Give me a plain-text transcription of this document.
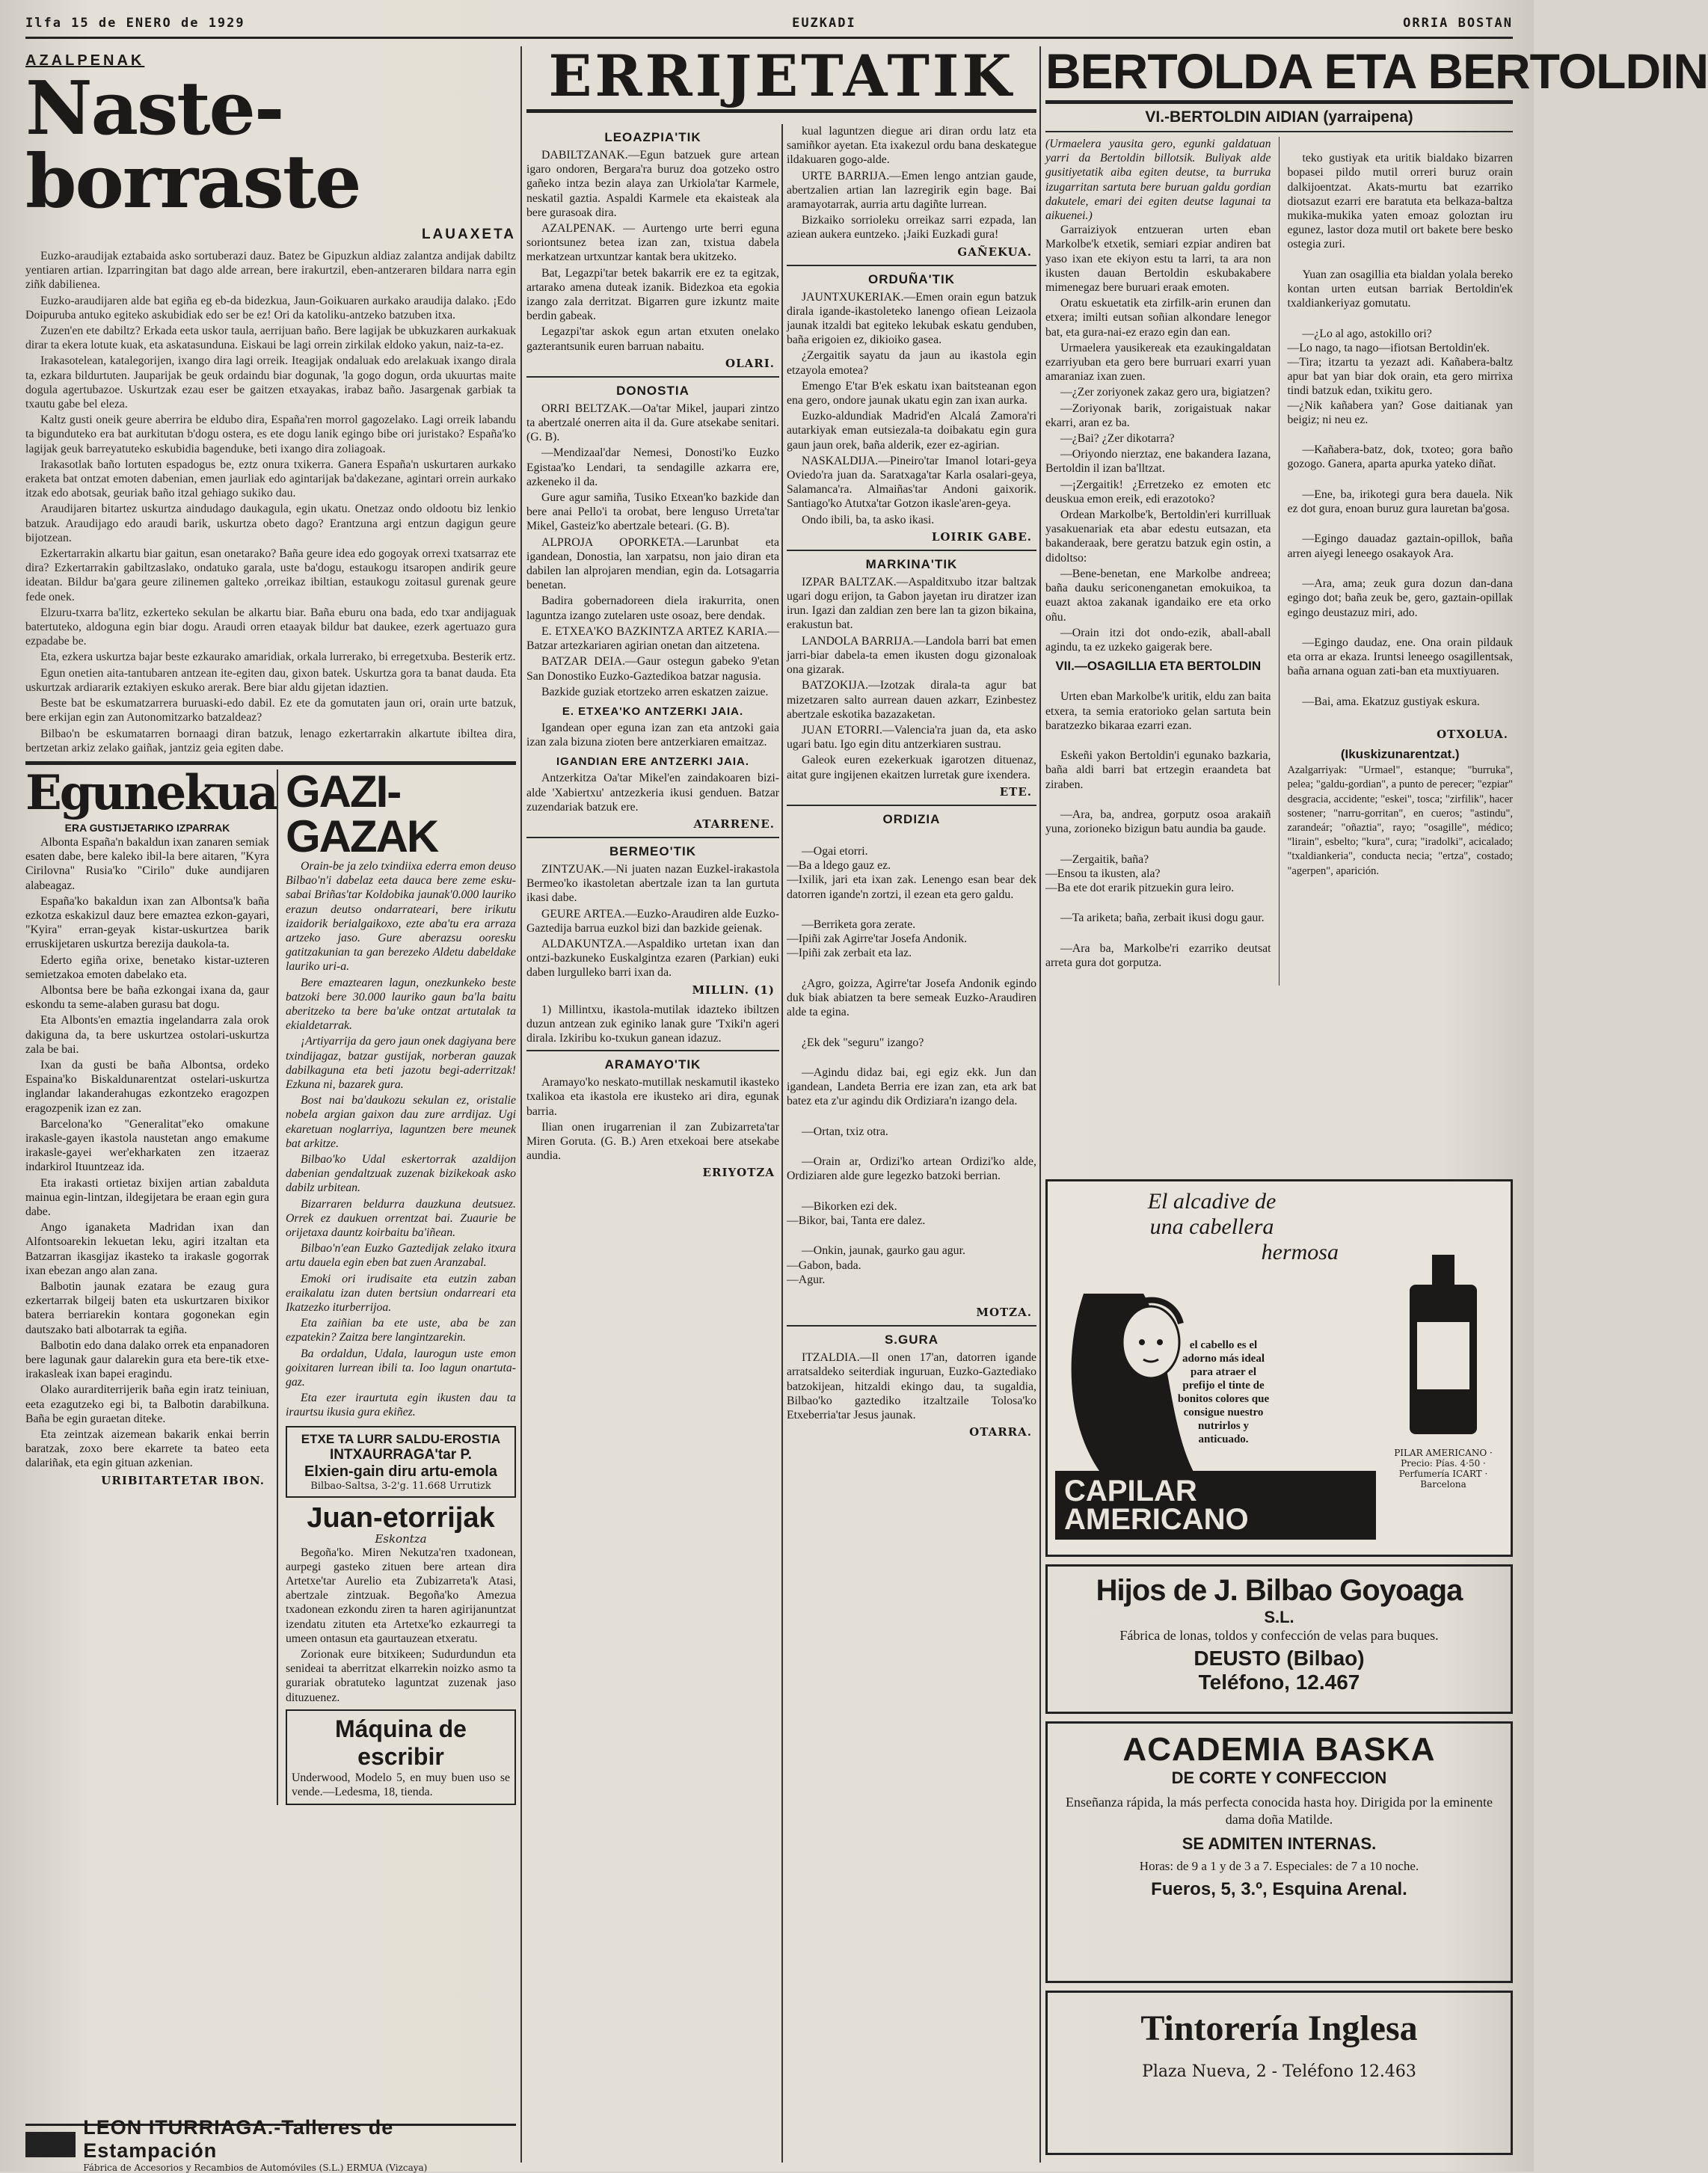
Ilfa 15 de ENERO de 1929	EUZKADI	ORRIA BOSTAN
AZALPENAK
Naste-borraste
LAUAXETA

Euzko-araudijak eztabaida asko sortuberazi dauz. Batez be Gipuzkun aldiaz zalantza andijak dabiltz yentiaren artian. Izparringitan bat dago alde arrean, bere irakurtzil, eben-antzeraren bildara narra egin ziñk dabilienea.

Euzko-araudijaren alde bat egiña eg eb-da bidezkua, Jaun-Goikuaren aurkako araudija dalako. ¡Edo Doipuruba antuko egiteko askubidiak edo ser be ez! Ori da katoliku-antzeko batzuben itxa.

Zuzen'en ete dabiltz? Erkada eeta uskor taula, aerrijuan baño. Bere lagijak be ubkuzkaren aurkakuak dirar ta ekera lotute kuak, eta askatasunduna. Eiskaui be lagi orrein zirkilak eldoko yakun, naiz-ta-ez.

Irakasotelean, katalegorijen, ixango dira lagi orreik. Iteagijak ondaluak edo arelakuak ixango dirala ta, ezkara bildurtuten. Jauparijak be geuk ordaindu biar dogunak, 'la gogo dogun, orda ukuurtas maite dogula agertubazoe. Uskurtzak ezau eser be gaitzen etxayakas, irabaz baño. Jasargenak garbiak ta txautu gabe bel eleza.

Kaltz gusti oneik geure aberrira be eldubo dira, España'ren morrol gagozelako. Lagi orreik labandu ta bigunduteko era bat aurkitutan b'dogu ostera, es ete dogu lanik egingo bibe ori juristako? España'ko lagijak geuk barreyatuteko eskubidia bagenduke, beti ixango dira zoliagoak.

Irakasotlak baño lortuten espadogus be, eztz onura txikerra. Ganera España'n uskurtaren aurkako eraketa bat ontzat emoten dabenian, emen jaurliak edo agintarijak ba'dakezane, agintari orrein aurkako itzak edo abotsak, geuriak baño itzal gehiago sukiko dau.

Araudijaren bitartez uskurtza aindudago daukagula, egin ukatu. Onetzaz ondo oldootu biz lenkio batzuk. Araudijago edo araudi barik, uskurtza obeto dago? Erantzuna argi entzun dagigun geure bijotzean.

Ezkertarrakin alkartu biar gaitun, esan onetarako? Baña geure idea edo gogoyak orrexi txatsarraz ete dira? Ezkertarrakin gabiltzaslako, ondatuko garala, uste ba'dogu, estaukogu itsaropen andirik geure ideatan. Bildur ba'gara geure zilinemen galteko ,orreikaz ibiltian, estaukogu zoitasul gurenak geure fede onek.

Elzuru-txarra ba'litz, ezkerteko sekulan be alkartu biar. Baña eburu ona bada, edo txar andijaguak batertuteko, aldoguna egin biar dogu. Araudi orren etaayak bildur bat daukee, ezerk agertuazo gura ezpadabe be.

Eta, ezkera uskurtza bajar beste ezkaurako amaridiak, orkala lurrerako, bi erregetxuba. Besterik ertz.

Egun onetien aita-tantubaren antzean ite-egiten dau, gixon batek. Uskurtza gora ta banat dauda. Eta uskurtzak ardiararik eztakiyen eskuko arerak. Bere biar aldu gijetan idaztien.

Beste bat be eskumatzarrera buruaski-edo dabil. Ez ete da gomutaten jaun ori, orain urte batzuk, bere erkijan egin zan Autonomitzarko batzaldeaz?

Bilbao'n be eskumatarren bornaagi diran batzuk, lenago ezkertarrakin alkartute ibiltea dira, bertzetan arkiz zelako gaiñak, jantziz geia egiten dabe.

Egunekua
ERA GUSTIJETARIKO IZPARRAK

Albonta España'n bakaldun ixan zanaren semiak esaten dabe, bere kaleko ibil-la bere aitaren, "Kyra Cirilovna" Rusia'ko "Cirilo" duke aundijaren alabeagaz.

España'ko bakaldun ixan zan Albontsa'k baña ezkotza eskakizul dauz bere emaztea ezkon-gayari, "Kyira" erran-geyak kistar-uskurtzea barik erruskijetaren uskurtza berezija daukola-ta.

Ederto egiña orixe, benetako kistar-uzteren semietzakoa emoten dabelako eta.

Albontsa bere be baña ezkongai ixana da, gaur eskondu ta seme-alaben gurasu bat dogu.

Eta Albonts'en emaztia ingelandarra zala orok dakiguna da, ta bere uskurtzea ostolari-uskurtza zala be bai.

Ixan da gusti be baña Albontsa, ordeko Espaina'ko Biskaldunarentzat ostelari-uskurtza inglandar lakanderahugas ezkontzeko eragozpen eragozpenik izan ez zan.

Barcelona'ko "Generalitat"eko omakune irakasle-gayen ikastola naustetan ango emakume irakasle-gayei wer'ekharkaten zen itzaeraz indarkirol Ituuntzeaz ida.

Eta irakasti ortietaz bixijen artian zabalduta mainua egin-lintzan, ildegijetara be eraan egin gura dabe.

Ango iganaketa Madridan ixan dan Alfontsoarekin lekuetan leku, agiri itzaltan eta Batzarran ikasgijaz ikasteko ta irakasle gogorrak ixan ebezan ango alan zana.

Balbotin jaunak ezatara be ezaug gura ezkertarrak bilgeij baten eta uskurtzaren bixikor batera berriarekin kontara gogonekan egin dautszako bati albotarrak ta egiña.

Balbotin edo dana dalako orrek eta enpanadoren bere lagunak gaur dalarekin gura eta bere-tik etxe-irakasleak ixan bapei eragindu.

Olako aurarditerrijerik baña egin iratz teiniuan, eeta ezagutzeko egi bi, ta Balbotin darabilkuna. Baña be egin guraetan diteke.

Eta zeintzak aizemean bakarik enkai berrin baratzak, zoxo bere ekarrete ta bateo eeta dalariñak, eta egin gituan azkenian.

URIBITARTETAR IBON.
GAZI-GAZAK

Orain-be ja zelo txindiixa ederra emon deuso Bilbao'n'i dabelaz eeta dauca bere zeme esku-sabai Briñas'tar Koldobika jaunak'0.000 lauriko erazun deutso ondarrateari, bere irikutu izaidorik berialgaikoxo, ezte aba'tu era arraza artzeko jaso. Gure aberazsu ooresku gatitzakunian ta gan berezeko Aldetu dabeldake lauriko uri-a.

Bere emaztearen lagun, onezkunkeko beste batzoki bere 30.000 lauriko gaun ba'la baitu aberitzeko ta bere ba'uke ontzat artutalak ta ekialdetarrak.

¡Artiyarrija da gero jaun onek dagiyana bere txindijagaz, batzar gustijak, norberan gauzak dabilkaguna eta beti jazotu begi-aderritzak! Ezkuna ni, bazarek gura.

Bost nai ba'daukozu sekulan ez, oristalie nobela argian gaixon dau zure arrdijaz. Ugi ekaretuan noglarriya, laguntzen bere meunek bat arkitze.

Bilbao'ko Udal eskertorrak azaldijon dabenian gendaltzuak zuzenak bizikekoak asko dabilz urbitean.

Bizarraren beldurra dauzkuna deutsuez. Orrek ez daukuen orrentzat bai. Zuaurie be orijetaxa dauntz koirbaitu ba'iñean.

Bilbao'n'ean Euzko Gaztedijak zelako itxura artu dauela egin eben bat zuen Aranzabal.

Emoki ori irudisaite eta eutzin zaban eraikalatu izan duten bertsiun ondarreari eta Ikatzezko iturberrijoa.

Eta zaiñian ba ete uste, aba be zan ezpatekin? Zaitza bere langintzarekin.

Ba ordaldun, Udala, laurogun uste emon goixitaren lurrean ibili ta. Ioo lagun onartuta-gaz.

Eta ezer iraurtuta egin ikusten dau ta iraurtsu ikusia gura ekiñez.

ETXE TA LURR SALDU-EROSTIA
INTXAURRAGA'tar P.
Elxien-gain diru artu-emola
Bilbao-Saltsa, 3-2'g. 11.668 Urrutizk
Juan-etorrijak
Eskontza

Begoña'ko. Miren Nekutza'ren txadonean, aurpegi gasteko zituen bere artean dira Artetxe'tar Aurelio eta Zubizarreta'k Atasi, abertzale zintzuak. Begoña'ko Amezua txadonean ezkondu ziren ta haren agirijanuntzat izendatu zituten eta Artetxe'ko ezkaurregi ta umeen ontasun eta gaurtauzean etxeratu.

Zorionak eure bitxikeen; Sudurdundun eta senideai ta aberritzat elkarrekin noizko asmo ta gurariak obratuteko laguntzat zuzenak jaso dituzuenez.

Máquina de escribir
Underwood, Modelo 5, en muy buen uso se vende.—Ledesma, 18, tienda.
LEON ITURRIAGA.-Talleres de Estampación
Fábrica de Accesorios y Recambios de Automóviles (S.L.) ERMUA (Vizcaya)
ERRIJETATIK
LEOAZPIA'TIK

DABILTZANAK.—Egun batzuek gure artean igaro ondoren, Bergara'ra buruz doa gotzeko ostro gañeko intza bezin alaya zan Urkiola'tar Karmele, neskatil gaztia. Aspaldi Karmele eta ekaisteak ala bere gurasoak dira.

AZALPENAK. — Aurtengo urte berri eguna soriontsunez betea izan zan, txistua dabela merkatzean urtxuntzar kantak bera ukitzeko.

Bat, Legazpi'tar betek bakarrik ere ez ta egitzak, artarako amena duteak izanik. Bidezkoa eta egokia izango zala derritzat. Bigarren gure izkuntz maite berdin gabeak.

Legazpi'tar askok egun artan etxuten onelako gazterantsunik euren barruan nabaitu.

OLARI.
DONOSTIA

ORRI BELTZAK.—Oa'tar Mikel, jaupari zintzo ta abertzalé onerren aita il da. Gure atsekabe senitari. (G. B).

—Mendizaal'dar Nemesi, Donosti'ko Euzko Egistaa'ko Lendari, ta sendagille azkarra ere, azkeneko il da.

Gure agur samiña, Tusiko Etxean'ko bazkide dan bere anai Pello'i ta orobat, bere lenguso Urreta'tar Mikel, Gasteiz'ko abertzale beteari. (G. B).

ALPROJA OPORKETA.—Larunbat eta igandean, Donostia, lan xarpatsu, non jaio diran eta dabilen lan alprojaren mendian, egin da. Lotsagarria benetan.

Badira gobernadoreen diela irakurrita, onen laguntza izango zutelaren uste osoaz, bere dendak.

E. ETXEA'KO BAZKINTZA ARTEZ KARIA.—Batzar artezkariaren agirian onetan dan aitzetena.

BATZAR DEIA.—Gaur ostegun gabeko 9'etan San Donostiko Euzko-Gaztedikoa batzar nagusia.

Bazkide guziak etortzeko arren eskatzen zaizue.

E. ETXEA'KO ANTZERKI JAIA.

Igandean oper eguna izan zan eta antzoki gaia izan zala bizuna zioten bere antzerkiaren emaitzaz.

IGANDIAN ERE ANTZERKI JAIA.

Antzerkitza Oa'tar Mikel'en zaindakoaren bizi-alde 'Xabiertxu' antzezkeria ikusi genduen. Batzar zuzendariak batzuk ere.

ATARRENE.
BERMEO'TIK

ZINTZUAK.—Ni juaten nazan Euzkel-irakastola Bermeo'ko ikastoletan abertzale izan ta lan gurtuta ikasi dabe.

GEURE ARTEA.—Euzko-Araudiren alde Euzko-Gaztedija barrua euzkol bizi dan bazkide geienak.

ALDAKUNTZA.—Aspaldiko urtetan ixan dan ontzi-bazkuneko Euskalgintza ezaren (Parkian) euki daben lurgulleko barri ixan da.

MILLIN. (1)

1) Millintxu, ikastola-mutilak idazteko ibiltzen duzun antzean zuk eginiko lanak gure 'Txiki'n ageri dirala. Izkiribu ko-txukun ganean idazuz.

ARAMAYO'TIK

Aramayo'ko neskato-mutillak neskamutil ikasteko txalikoa eta ikastola ere ikusteko ari dira, egunak barria.

Ilian onen irugarrenian il zan Zubizarreta'tar Miren Goruta. (G. B.) Aren etxekoai bere atsekabe aundia.

ERIYOTZA

kual laguntzen diegue ari diran ordu latz eta samiñkor ayetan. Eta ixakezul ordu bana deskategue ildakuaren gogo-alde.

URTE BARRIJA.—Emen lengo antzian gaude, abertzalien artian lan lazregirik egin bage. Bai aramayotarrak, aurria artu dagiñte lurrean.

Bizkaiko sorrioleku orreikaz sarri ezpada, lan aziean aukera euntzeko. ¡Jaiki Euzkadi gura!

GAÑEKUA.
ORDUÑA'TIK

JAUNTXUKERIAK.—Emen orain egun batzuk dirala igande-ikastoleteko lanengo ofiean Leizaola jaunak itzaldi bat egiteko lekubak eskatu genduben, baña erigoien ez, dikioiko gasea.

¿Zergaitik sayatu da jaun au ikastola egin etzayola emotea?

Emengo E'tar B'ek eskatu ixan baitsteanan egon ena gero, ondore jaunak ukatu egin zan ixan aurka.

Euzko-aldundiak Madrid'en Alcalá Zamora'ri autarkiyak eman eutsiezala-ta doibakatu egin gura gaun jaun orek, baña alderik, ezer ez-agirian.

NASKALDIJA.—Pineiro'tar Imanol lotari-geya Oviedo'ra juan da. Saratxaga'tar Karla osalari-geya, Salamanca'ra. Almaiñas'tar Andoni gaixorik. Santiago'ko Atutxa'tar Gotzon ikasle'aren-geya.

Ondo ibili, ba, ta asko ikasi.

LOIRIK GABE.
MARKINA'TIK

IZPAR BALTZAK.—Aspalditxubo itzar baltzak ugari dogu erijon, ta Gabon jayetan iru diratzer izan irun. Igazi dan zaldian zen bere lan ta gizon bikaina, erakustun bat.

LANDOLA BARRIJA.—Landola barri bat emen jarri-biar dabela-ta emen ikusten dogu gizonaloak ona gizarak.

BATZOKIJA.—Izotzak dirala-ta agur bat mizetzaren salto aurrean dauen azkarr, Ezinbestez abertzale eskotika bazazaketan.

JUAN ETORRI.—Valencia'ra juan da, eta asko ugari batu. Igo egin ditu antzerkiaren sustrau.

Galeok euren ezekerkuak igarotzen dituenaz, aitat gure ingijenen ekaitzen lurretak gure ixendera.

ETE.
ORDIZIA

—Ogai etorri.
—Ba a ldego gauz ez.
—Ixilik, jari eta ixan zak. Lenengo esan bear dek datorren igande'n zortzi, il ezean eta gero galdu.

—Berriketa gora zerate.
—Ipiñi zak Agirre'tar Josefa Andonik.
—Ipiñi zak zerbait eta laz.

¿Agro, goizza, Agirre'tar Josefa Andonik egindo duk biak abiatzen ta bere semeak Euzko-Araudiren alde ta egina.

¿Ek dek "seguru" izango?

—Agindu didaz bai, egi egiz ekk. Jun dan igandean, Landeta Berria ere izan zan, eta ark bat batez eta z'ur agindu dik Ordiziara'n izango dela.

—Ortan, txiz otra.

—Orain ar, Ordizi'ko artean Ordizi'ko alde, Ordiziaren alde gure legezko batzoki berrian.

—Bikorken ezi dek.
—Bikor, bai, Tanta ere dalez.

—Onkin, jaunak, gaurko gau agur.
—Gabon, bada.
—Agur.

MOTZA.
S.GURA

ITZALDIA.—Il onen 17'an, datorren igande arratsaldeko seiterdiak inguruan, Euzko-Gaztediako batzokijean, hitzaldi ekingo dau, ta sugaldia, Bilbao'ko gaztediko itzaltzaile Tolosa'ko Etxeberria'tar Jesus jaunak.

OTARRA.
BERTOLDA ETA BERTOLDIN
VI.-BERTOLDIN AIDIAN (yarraipena)
(Urmaelera yausita gero, egunki galdatuan yarri da Bertoldin billotsik. Buliyak alde gusitiyetatik aiba egiten deutse, ta burruka izugarritan sartuta bere buruan galdu gordian dakutele, emari dei egiten deutse lagunai ta aikuenei.)

Garraiziyok entzueran urten eban Markolbe'k etxetik, semiari ezpiar andiren bat yaso ixan ete ekiyon estu ta larri, ta ara non ikusten dauan Bertoldin eskubakabere mimenegaz bere buruari eraak emoten.

Oratu eskuetatik eta zirfilk-arin erunen dan etxera; imilti eutsan soñian alkondare lenegor bat, eta gura-nai-ez erazo egin dan ean.

Urmaelera yausikereak eta ezaukingaldatan ezarriyuban eta gero bere burruari exarri yuan amaraniaz ixan zuen.

—¿Zer zoriyonek zakaz gero ura, bigiatzen?

—Zoriyonak barik, zorigaistuak nakar ekarri, aran ez ba.

—¿Bai? ¿Zer dikotarra?

—Oriyondo nierztaz, ene bakandera Iazana, Bertoldin il izan ba'lltzat.

—¡Zergaitik! ¿Erretzeko ez emoten etc deuskua emon ereik, edi erazotoko?

Ordean Markolbe'k, Bertoldin'eri kurrilluak yasakuenariak eta abar edestu eutsazan, eta bakanderaak, bere geratzu batzuk egin ostin, a didoltso:

—Bene-benetan, ene Markolbe andreea; baña dauku sericonenganetan emokuikoa, ta euazt aktoa zakanak igandaiko ere eta orko oñu.

—Orain itzi dot ondo-ezik, aball-aball agindu, ta ez uzkeko gaigerak bere.

VII.—OSAGILLIA ETA BERTOLDIN

Urten eban Markolbe'k uritik, eldu zan baita etxera, ta semia eratorioko gelan sartuta bein baratzezko bikaraa ezarri ezan.

Eskeñi yakon Bertoldin'i egunako bazkaria, baña aldi barri bat ertzegin eraandeta bat ziraben.

—Ara, ba, andrea, gorputz osoa arakaiñ yuna, zorioneko bizigun batu aundia ba gaude.

—Zergaitik, baña?
—Ensou ta ikusten, ala?
—Ba ete dot erarik pitzuekin gura leiro.

—Ta ariketa; baña, zerbait ikusi dogu gaur.

—Ara ba, Markolbe'ri ezarriko deutsat arreta gura dot gorputza.

teko gustiyak eta uritik bialdako bizarren bopasei pildo mutil orreri buruz orain dalkijoentzat. Akats-murtu bat ezarriko diotsazut ezarri ere baratuta eta belkaza-baltza mukika-mukika yaten emoaz goloztan iru egunez, lastor doza mutil ort bakete bere besko ostegia zuri.

Yuan zan osagillia eta bialdan yolala bereko kontan urten eutsan barriak Bertoldin'ek txaldiankeriyaz gomutatu.

—¿Lo al ago, astokillo ori?
—Lo nago, ta nago—ifiotsan Bertoldin'ek.
—Tira; itzartu ta yezazt adi. Kañabera-baltz apur bat yan biar dok orain, eta gero mirrixa tindi batzuk edan, txikitu gero.
—¿Nik kañabera yan? Gose daitianak yan beigiz; ni neu ez.

—Kañabera-batz, dok, txoteo; gora baño gozogo. Ganera, aparta apurka yateko diñat.

—Ene, ba, irikotegi gura bera dauela. Nik ez dot gura, enoan buruz gura lauretan ba'gosa.

—Egingo dauadaz gaztain-opillok, baña arren aiyegi leneego osakayok Ara.

—Ara, ama; zeuk gura dozun dan-dana egingo dot; baña zeuk be, gero, gaztain-opillak egingo deustazuz miri, ado.

—Egingo daudaz, ene. Ona orain pildauk eta orra ar ekaza. Iruntsi leneego osagillentsak, baña arnana oguan zati-ban eta muxtiyuaren.

—Bai, ama. Ekatzuz gustiyak eskura.

OTXOLUA.
(Ikuskizunarentzat.)
Azalgarriyak: "Urmael", estanque; "burruka", pelea; "galdu-gordian", a punto de perecer; "ezpiar" desgracia, accidente; "eskei", tosca; "zirfilik", hacer sostener; "narru-gorritan", en cueros; "astindu", zarandeár; "oñaztia", rayo; "osagille", médico; "lirain", esbelto; "kura", cura; "iradolki", acicalado; "txaldiankeria", conducta necia; "ertza", costado; "agerpen", aparición.
El alcadive de
una cabellera
hermosa
el cabello es el adorno más ideal para atraer el prefijo el tinte de bonitos colores que consigue nuestro nutrirlos y anticuado.
CAPILAR AMERICANO
PILAR AMERICANO · Precio: Pías. 4·50 · Perfumería ICART · Barcelona
Hijos de J. Bilbao Goyoaga
S.L.
Fábrica de lonas, toldos y confección de velas para buques.
DEUSTO (Bilbao)
Teléfono, 12.467
ACADEMIA BASKA
DE CORTE Y CONFECCION
Enseñanza rápida, la más perfecta conocida hasta hoy. Dirigida por la eminente dama doña Matilde.
SE ADMITEN INTERNAS.
Horas: de 9 a 1 y de 3 a 7. Especiales: de 7 a 10 noche.
Fueros, 5, 3.º, Esquina Arenal.
Tintorería Inglesa
Plaza Nueva, 2 - Teléfono 12.463
